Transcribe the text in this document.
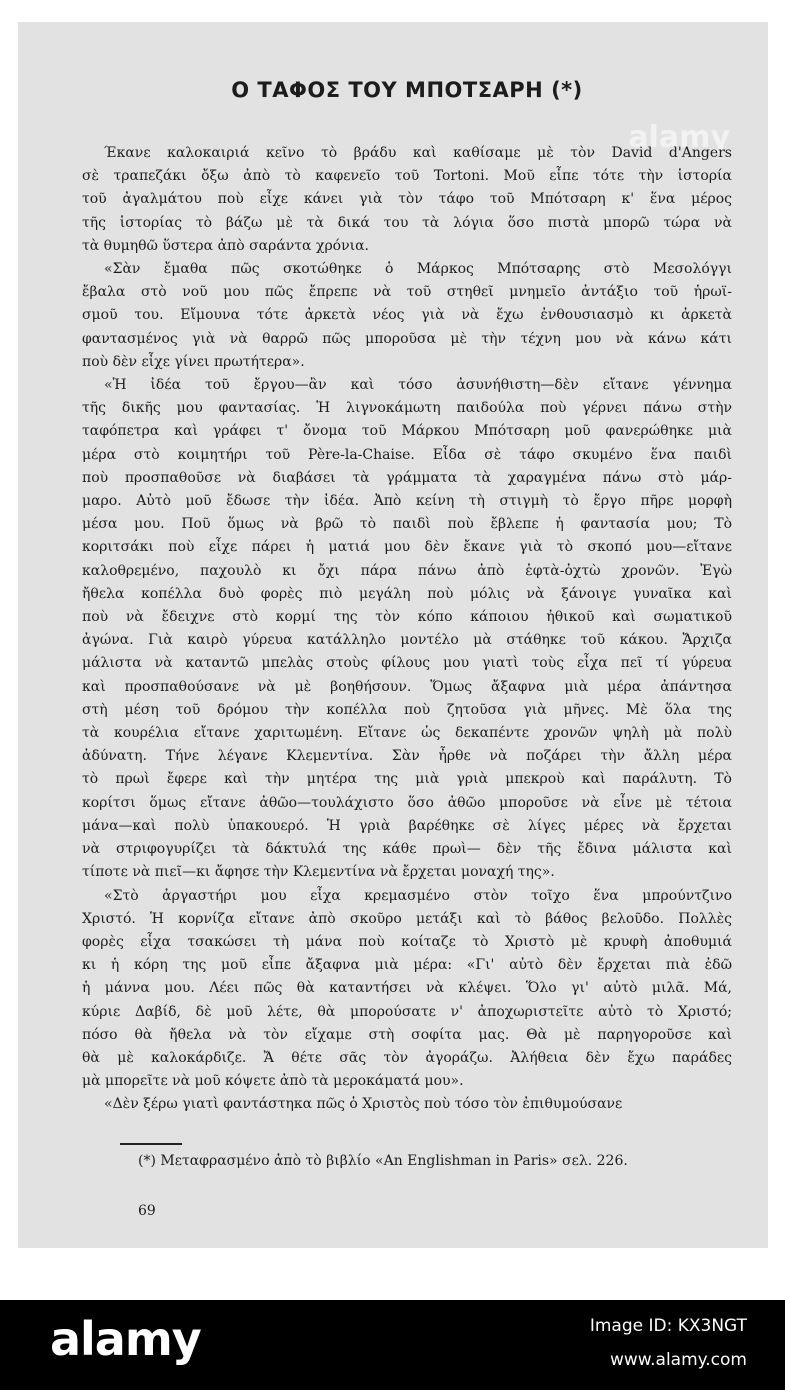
alamy
Ο ΤΑΦΟΣ ΤΟΥ ΜΠΟΤΣΑΡΗ (*)
Έκανε καλοκαιριά κεῖνο τὸ βράδυ καὶ καθίσαμε μὲ τὸν David d'Angers
σὲ τραπεζάκι ὄξω ἀπὸ τὸ καφενεῖο τοῦ Tortoni. Μοῦ εἶπε τότε τὴν ἱστορία
τοῦ ἀγαλμάτου ποὺ εἶχε κάνει γιὰ τὸν τάφο τοῦ Μπότσαρη κ' ἕνα μέρος
τῆς ἱστορίας τὸ βάζω μὲ τὰ δικά του τὰ λόγια ὅσο πιστὰ μπορῶ τώρα νὰ
τὰ θυμηθῶ ὕστερα ἀπὸ σαράντα χρόνια.
«Σὰν ἔμαθα πῶς σκοτώθηκε ὁ Μάρκος Μπότσαρης στὸ Μεσολόγγι
ἔβαλα στὸ νοῦ μου πῶς ἔπρεπε νὰ τοῦ στηθεῖ μνημεῖο ἀντάξιο τοῦ ἡρωϊ-
σμοῦ του. Εἴμουνα τότε ἀρκετὰ νέος γιὰ νὰ ἔχω ἐνθουσιασμὸ κι ἀρκετὰ
φαντασμένος γιὰ νὰ θαρρῶ πῶς μποροῦσα μὲ τὴν τέχνη μου νὰ κάνω κάτι
ποὺ δὲν εἶχε γίνει πρωτήτερα».
«Ἡ ἰδέα τοῦ ἔργου—ἂν καὶ τόσο ἀσυνήθιστη—δὲν εἴτανε γέννημα
τῆς δικῆς μου φαντασίας. Ἡ λιγνοκάμωτη παιδούλα ποὺ γέρνει πάνω στὴν
ταφόπετρα καὶ γράφει τ' ὄνομα τοῦ Μάρκου Μπότσαρη μοῦ φανερώθηκε μιὰ
μέρα στὸ κοιμητήρι τοῦ Père-la-Chaise. Εἶδα σὲ τάφο σκυμένο ἕνα παιδὶ
ποὺ προσπαθοῦσε νὰ διαβάσει τὰ γράμματα τὰ χαραγμένα πάνω στὸ μάρ-
μαρο. Αὐτὸ μοῦ ἔδωσε τὴν ἰδέα. Ἀπὸ κείνη τὴ στιγμὴ τὸ ἔργο πῆρε μορφὴ
μέσα μου. Ποῦ ὅμως νὰ βρῶ τὸ παιδὶ ποὺ ἔβλεπε ἡ φαντασία μου; Τὸ
κοριτσάκι ποὺ εἶχε πάρει ἡ ματιά μου δὲν ἔκανε γιὰ τὸ σκοπό μου—εἴτανε
καλοθρεμένο, παχουλὸ κι ὄχι πάρα πάνω ἀπὸ ἑφτὰ-ὀχτὼ χρονῶν. Ἐγὼ
ἤθελα κοπέλλα δυὸ φορὲς πιὸ μεγάλη ποὺ μόλις νὰ ξάνοιγε γυναῖκα καὶ
ποὺ νὰ ἔδειχνε στὸ κορμί της τὸν κόπο κάποιου ἠθικοῦ καὶ σωματικοῦ
ἀγώνα. Γιὰ καιρὸ γύρευα κατάλληλο μοντέλο μὰ στάθηκε τοῦ κάκου. Ἄρχιζα
μάλιστα νὰ καταντῶ μπελὰς στοὺς φίλους μου γιατὶ τοὺς εἶχα πεῖ τί γύρευα
καὶ προσπαθούσανε νὰ μὲ βοηθήσουν. Ὅμως ἄξαφνα μιὰ μέρα ἀπάντησα
στὴ μέση τοῦ δρόμου τὴν κοπέλλα ποὺ ζητοῦσα γιὰ μῆνες. Μὲ ὅλα της
τὰ κουρέλια εἴτανε χαριτωμένη. Εἴτανε ὡς δεκαπέντε χρονῶν ψηλὴ μὰ πολὺ
ἀδύνατη. Τήνε λέγανε Κλεμεντίνα. Σὰν ἦρθε νὰ ποζάρει τὴν ἄλλη μέρα
τὸ πρωὶ ἔφερε καὶ τὴν μητέρα της μιὰ γριὰ μπεκροὺ καὶ παράλυτη. Τὸ
κορίτσι ὅμως εἴτανε ἀθῶο—τουλάχιστο ὅσο ἀθῶο μποροῦσε νὰ εἶνε μὲ τέτοια
μάνα—καὶ πολὺ ὑπακουερό. Ἡ γριὰ βαρέθηκε σὲ λίγες μέρες νὰ ἔρχεται
νὰ στριφογυρίζει τὰ δάκτυλά της κάθε πρωὶ— δὲν τῆς ἔδινα μάλιστα καὶ
τίποτε νὰ πιεῖ—κι ἄφησε τὴν Κλεμεντίνα νὰ ἔρχεται μοναχή της».
«Στὸ ἀργαστήρι μου εἶχα κρεμασμένο στὸν τοῖχο ἕνα μπρούντζινο
Χριστό. Ἡ κορνίζα εἴτανε ἀπὸ σκοῦρο μετάξι καὶ τὸ βάθος βελοῦδο. Πολλὲς
φορὲς εἶχα τσακώσει τὴ μάνα ποὺ κοίταζε τὸ Χριστὸ μὲ κρυφὴ ἀποθυμιά
κι ἡ κόρη της μοῦ εἶπε ἄξαφνα μιὰ μέρα: «Γι' αὐτὸ δὲν ἔρχεται πιὰ ἐδῶ
ἡ μάννα μου. Λέει πῶς θὰ καταντήσει νὰ κλέψει. Ὅλο γι' αὐτὸ μιλᾶ. Μά,
κύριε Δαβίδ, δὲ μοῦ λέτε, θὰ μπορούσατε ν' ἀποχωριστεῖτε αὐτὸ τὸ Χριστό;
πόσο θὰ ἤθελα νὰ τὸν εἴχαμε στὴ σοφίτα μας. Θὰ μὲ παρηγοροῦσε καὶ
θὰ μὲ καλοκάρδιζε. Ἄ θέτε σᾶς τὸν ἀγοράζω. Ἀλήθεια δὲν ἔχω παράδες
μὰ μπορεῖτε νὰ μοῦ κόψετε ἀπὸ τὰ μεροκάματά μου».
«Δὲν ξέρω γιατὶ φαντάστηκα πῶς ὁ Χριστὸς ποὺ τόσο τὸν ἐπιθυμούσανε
(*) Μεταφρασμένο ἀπὸ τὸ βιβλίο «An Englishman in Paris» σελ. 226.
69
alamy	Image ID: KX3NGT
www.alamy.com
